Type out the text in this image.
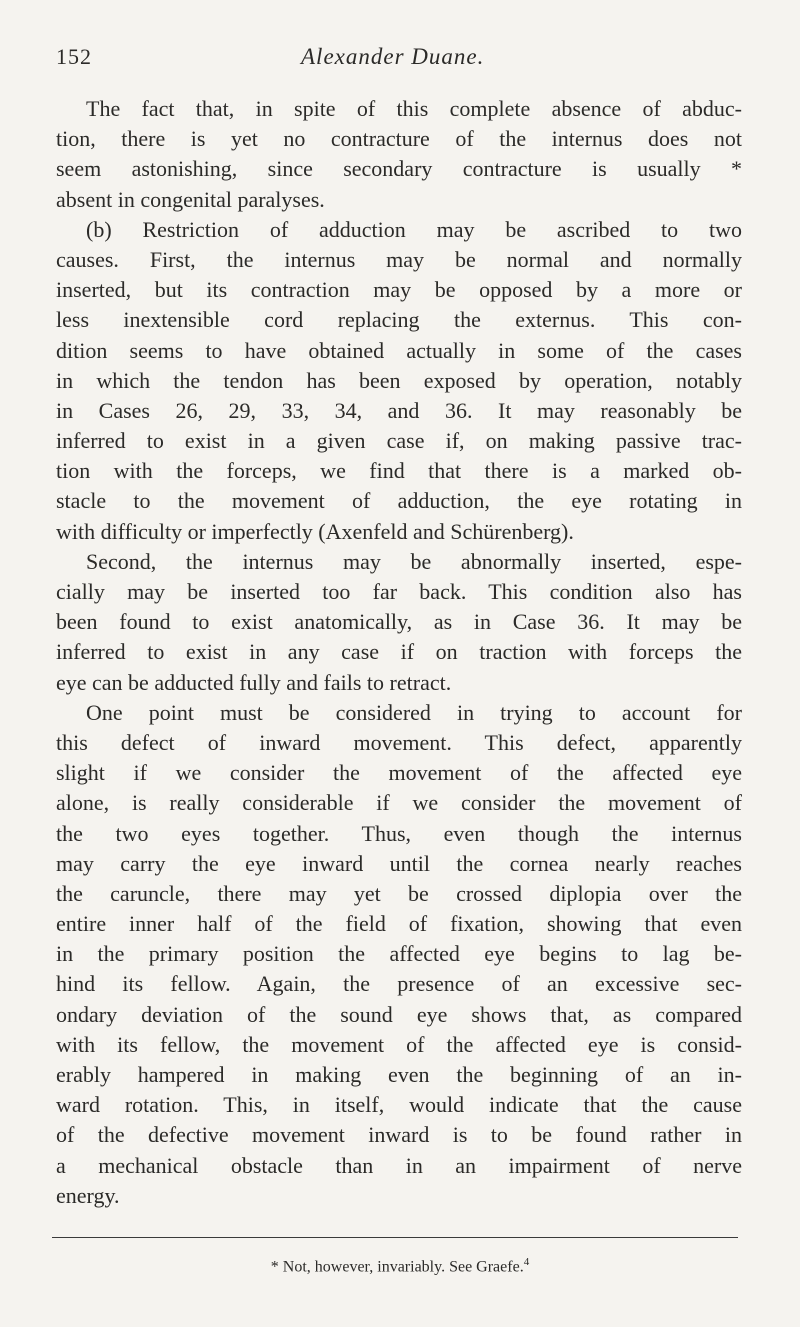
152	Alexander Duane.
The fact that, in spite of this complete absence of abduc-
tion, there is yet no contracture of the internus does not
seem astonishing, since secondary contracture is usually *
absent in congenital paralyses.
(b) Restriction of adduction may be ascribed to two
causes. First, the internus may be normal and normally
inserted, but its contraction may be opposed by a more or
less inextensible cord replacing the externus. This con-
dition seems to have obtained actually in some of the cases
in which the tendon has been exposed by operation, notably
in Cases 26, 29, 33, 34, and 36. It may reasonably be
inferred to exist in a given case if, on making passive trac-
tion with the forceps, we find that there is a marked ob-
stacle to the movement of adduction, the eye rotating in
with difficulty or imperfectly (Axenfeld and Schürenberg).
Second, the internus may be abnormally inserted, espe-
cially may be inserted too far back. This condition also has
been found to exist anatomically, as in Case 36. It may be
inferred to exist in any case if on traction with forceps the
eye can be adducted fully and fails to retract.
One point must be considered in trying to account for
this defect of inward movement. This defect, apparently
slight if we consider the movement of the affected eye
alone, is really considerable if we consider the movement of
the two eyes together. Thus, even though the internus
may carry the eye inward until the cornea nearly reaches
the caruncle, there may yet be crossed diplopia over the
entire inner half of the field of fixation, showing that even
in the primary position the affected eye begins to lag be-
hind its fellow. Again, the presence of an excessive sec-
ondary deviation of the sound eye shows that, as compared
with its fellow, the movement of the affected eye is consid-
erably hampered in making even the beginning of an in-
ward rotation. This, in itself, would indicate that the cause
of the defective movement inward is to be found rather in
a mechanical obstacle than in an impairment of nerve
energy.
* Not, however, invariably. See Graefe.$^4$
